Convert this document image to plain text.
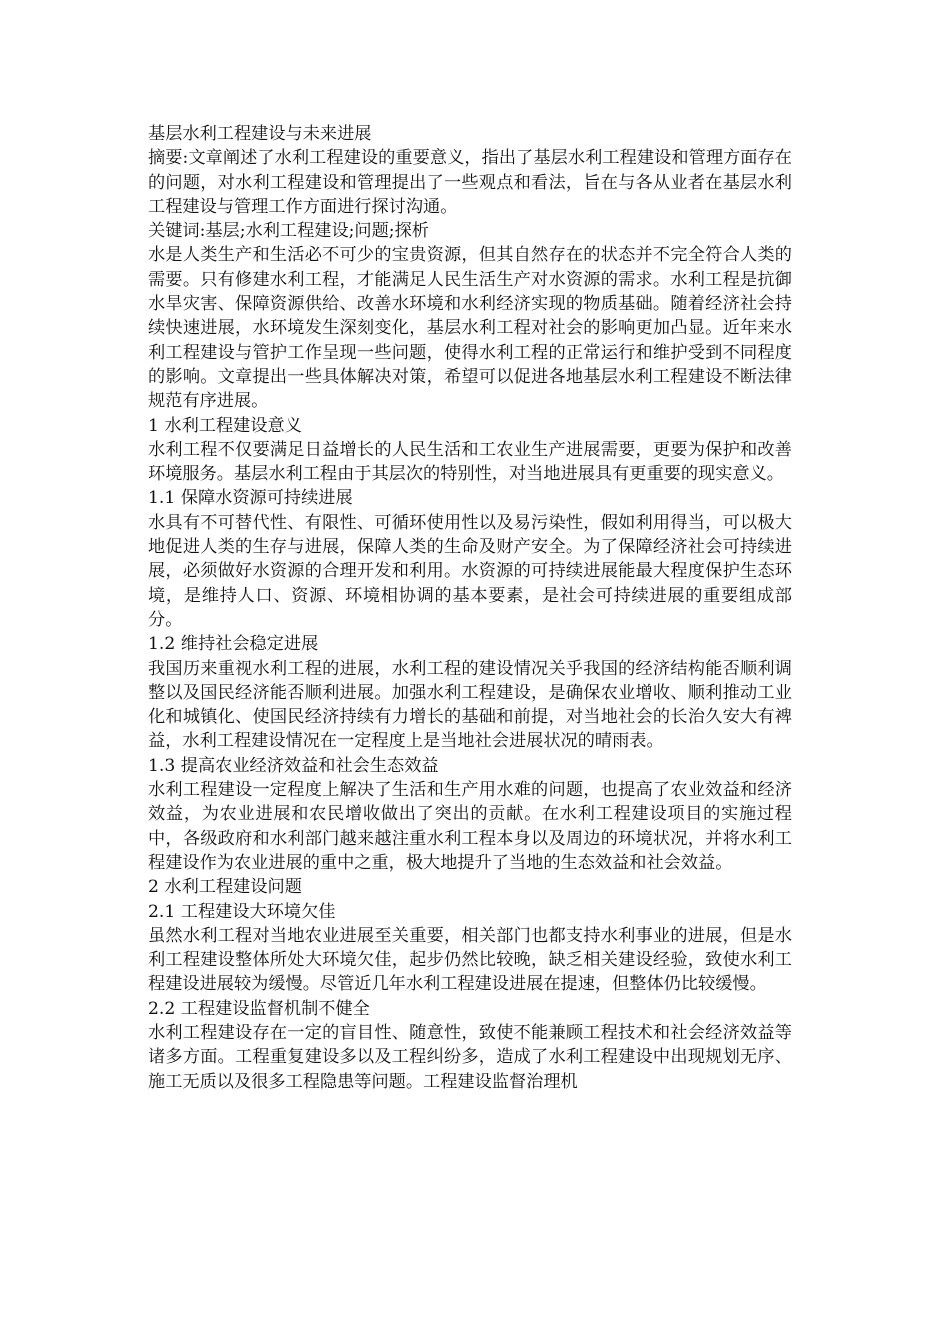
基层水利工程建设与未来进展

摘要:文章阐述了水利工程建设的重要意义，指出了基层水利工程建设和管理方面存在的问题，对水利工程建设和管理提出了一些观点和看法，旨在与各从业者在基层水利工程建设与管理工作方面进行探讨沟通。

关键词:基层;水利工程建设;问题;探析

水是人类生产和生活必不可少的宝贵资源，但其自然存在的状态并不完全符合人类的需要。只有修建水利工程，才能满足人民生活生产对水资源的需求。水利工程是抗御水旱灾害、保障资源供给、改善水环境和水利经济实现的物质基础。随着经济社会持续快速进展，水环境发生深刻变化，基层水利工程对社会的影响更加凸显。近年来水利工程建设与管护工作呈现一些问题，使得水利工程的正常运行和维护受到不同程度的影响。文章提出一些具体解决对策，希望可以促进各地基层水利工程建设不断法律规范有序进展。

1 水利工程建设意义

水利工程不仅要满足日益增长的人民生活和工农业生产进展需要，更要为保护和改善环境服务。基层水利工程由于其层次的特别性，对当地进展具有更重要的现实意义。

1.1 保障水资源可持续进展

水具有不可替代性、有限性、可循环使用性以及易污染性，假如利用得当，可以极大地促进人类的生存与进展，保障人类的生命及财产安全。为了保障经济社会可持续进展，必须做好水资源的合理开发和利用。水资源的可持续进展能最大程度保护生态环境，是维持人口、资源、环境相协调的基本要素，是社会可持续进展的重要组成部分。

1.2 维持社会稳定进展

我国历来重视水利工程的进展，水利工程的建设情况关乎我国的经济结构能否顺利调整以及国民经济能否顺利进展。加强水利工程建设，是确保农业增收、顺利推动工业化和城镇化、使国民经济持续有力增长的基础和前提，对当地社会的长治久安大有裨益，水利工程建设情况在一定程度上是当地社会进展状况的晴雨表。

1.3 提高农业经济效益和社会生态效益

水利工程建设一定程度上解决了生活和生产用水难的问题，也提高了农业效益和经济效益，为农业进展和农民增收做出了突出的贡献。在水利工程建设项目的实施过程中，各级政府和水利部门越来越注重水利工程本身以及周边的环境状况，并将水利工程建设作为农业进展的重中之重，极大地提升了当地的生态效益和社会效益。

2 水利工程建设问题

2.1 工程建设大环境欠佳

虽然水利工程对当地农业进展至关重要，相关部门也都支持水利事业的进展，但是水利工程建设整体所处大环境欠佳，起步仍然比较晚，缺乏相关建设经验，致使水利工程建设进展较为缓慢。尽管近几年水利工程建设进展在提速，但整体仍比较缓慢。

2.2 工程建设监督机制不健全

水利工程建设存在一定的盲目性、随意性，致使不能兼顾工程技术和社会经济效益等诸多方面。工程重复建设多以及工程纠纷多，造成了水利工程建设中出现规划无序、施工无质以及很多工程隐患等问题。工程建设监督治理机
